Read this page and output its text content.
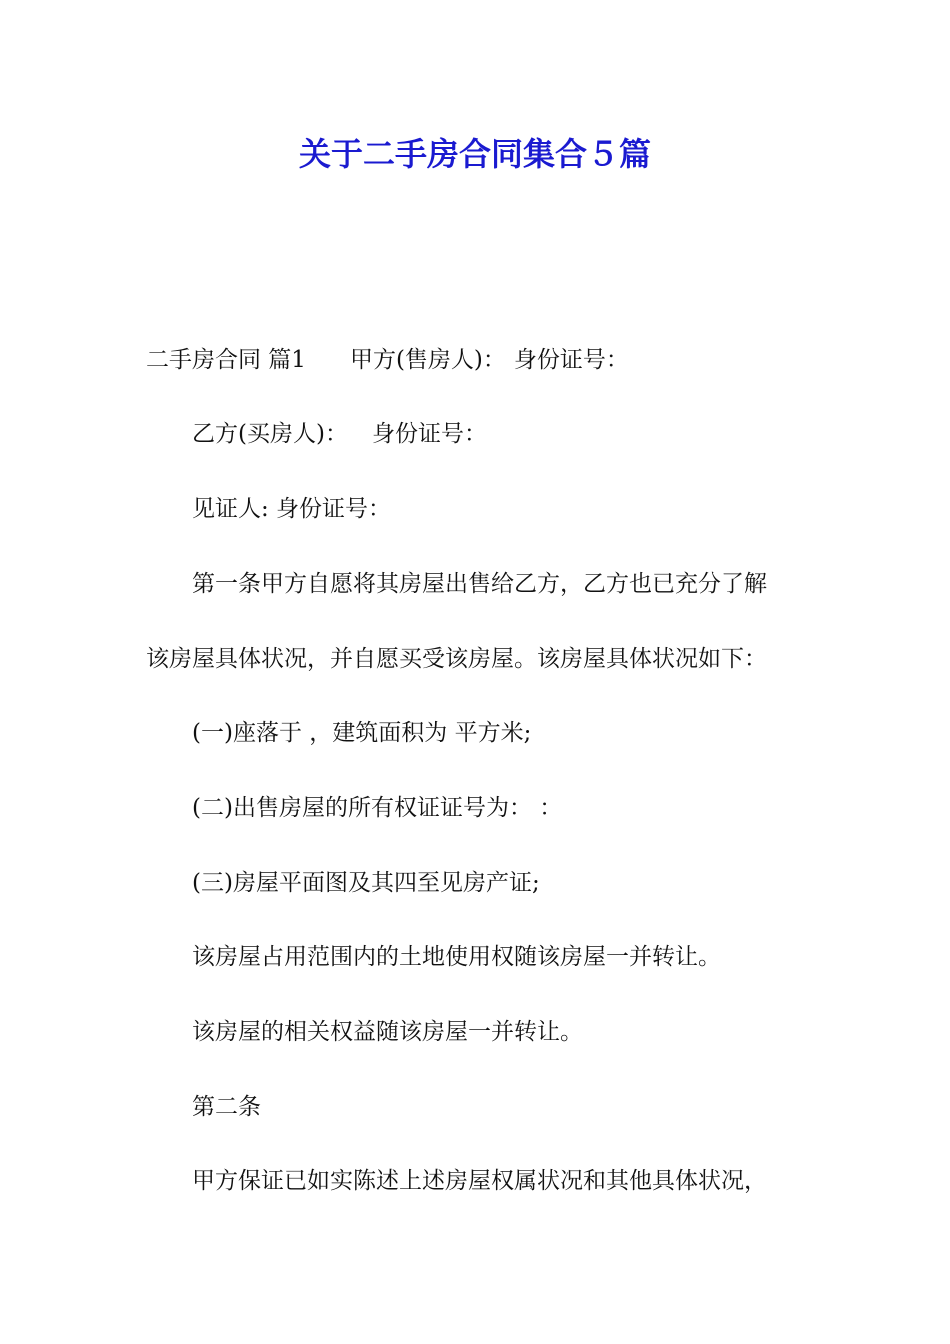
关于二手房合同集合５篇

二手房合同 篇1 甲方(售房人)： 身份证号：

乙方(买房人)： 身份证号：

见证人: 身份证号：

第一条甲方自愿将其房屋出售给乙方，乙方也已充分了解

该房屋具体状况，并自愿买受该房屋。该房屋具体状况如下：

(一)座落于 ，建筑面积为 平方米;

(二)出售房屋的所有权证证号为： ：

(三)房屋平面图及其四至见房产证;

该房屋占用范围内的土地使用权随该房屋一并转让。

该房屋的相关权益随该房屋一并转让。

第二条

甲方保证已如实陈述上述房屋权属状况和其他具体状况，
